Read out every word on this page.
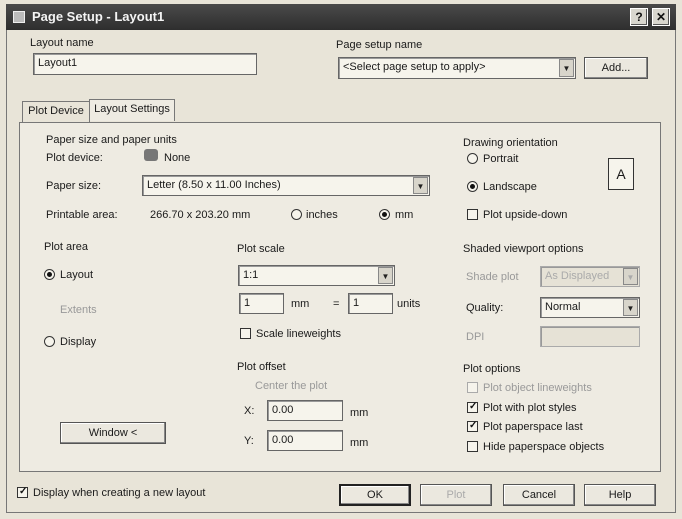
Page Setup - Layout1	?	✕
Layout name
Layout1
Page setup name
<Select page setup to apply>	▼	Add...
Plot Device Layout Settings
Paper size and paper units
Plot device:	None
Paper size:	Letter (8.50 x 11.00 Inches)	▼
Printable area:	266.70 x 203.20 mm	inches	mm
Drawing orientation
Portrait
Landscape
Plot upside-down
A
Plot area
Layout
Extents
Display
Window <
Plot scale
1:1	▼
1	mm =	1	units
Scale lineweights
Plot offset
Center the plot
X:	0.00	mm
Y:	0.00	mm
Shaded viewport options
Shade plot	As Displayed	▼
Quality:	Normal	▼
DPI
Plot options
Plot object lineweights
✓
Plot with plot styles
✓
Plot paperspace last
Hide paperspace objects
✓
Display when creating a new layout	OK	Plot	Cancel	Help
